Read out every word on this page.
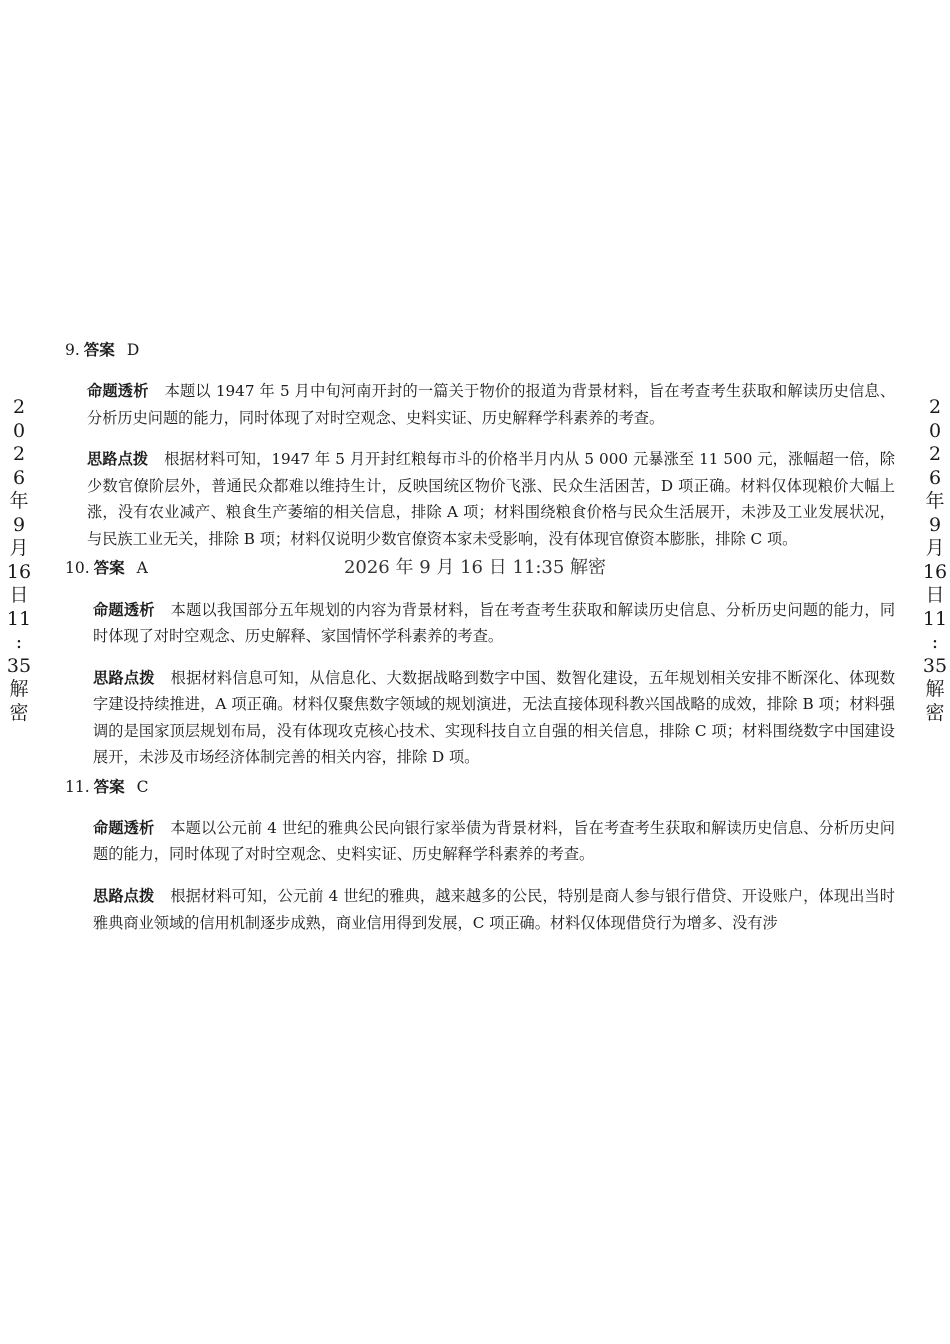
2
0
2
6
年
9
月
16
日
11
:
35
解
密
2
0
2
6
年
9
月
16
日
11
:
35
解
密
9. 答案 D

命题透析 本题以 1947 年 5 月中旬河南开封的一篇关于物价的报道为背景材料，旨在考查考生获取和解读历史信息、分析历史问题的能力，同时体现了对时空观念、史料实证、历史解释学科素养的考查。

思路点拨 根据材料可知，1947 年 5 月开封红粮每市斗的价格半月内从 5 000 元暴涨至 11 500 元，涨幅超一倍，除少数官僚阶层外，普通民众都难以维持生计，反映国统区物价飞涨、民众生活困苦，D 项正确。材料仅体现粮价大幅上涨，没有农业减产、粮食生产萎缩的相关信息，排除 A 项；材料围绕粮食价格与民众生活展开，未涉及工业发展状况，与民族工业无关，排除 B 项；材料仅说明少数官僚资本家未受影响，没有体现官僚资本膨胀，排除 C 项。

10. 答案 A

命题透析 本题以我国部分五年规划的内容为背景材料，旨在考查考生获取和解读历史信息、分析历史问题的能力，同时体现了对时空观念、历史解释、家国情怀学科素养的考查。

思路点拨 根据材料信息可知，从信息化、大数据战略到数字中国、数智化建设，五年规划相关安排不断深化、体现数字建设持续推进，A 项正确。材料仅聚焦数字领域的规划演进，无法直接体现科教兴国战略的成效，排除 B 项；材料强调的是国家顶层规划布局，没有体现攻克核心技术、实现科技自立自强的相关信息，排除 C 项；材料围绕数字中国建设展开，未涉及市场经济体制完善的相关内容，排除 D 项。

11. 答案 C

命题透析 本题以公元前 4 世纪的雅典公民向银行家举债为背景材料，旨在考查考生获取和解读历史信息、分析历史问题的能力，同时体现了对时空观念、史料实证、历史解释学科素养的考查。

思路点拨 根据材料可知，公元前 4 世纪的雅典，越来越多的公民，特别是商人参与银行借贷、开设账户，体现出当时雅典商业领域的信用机制逐步成熟，商业信用得到发展，C 项正确。材料仅体现借贷行为增多、没有涉

2026 年 9 月 16 日 11:35 解密
